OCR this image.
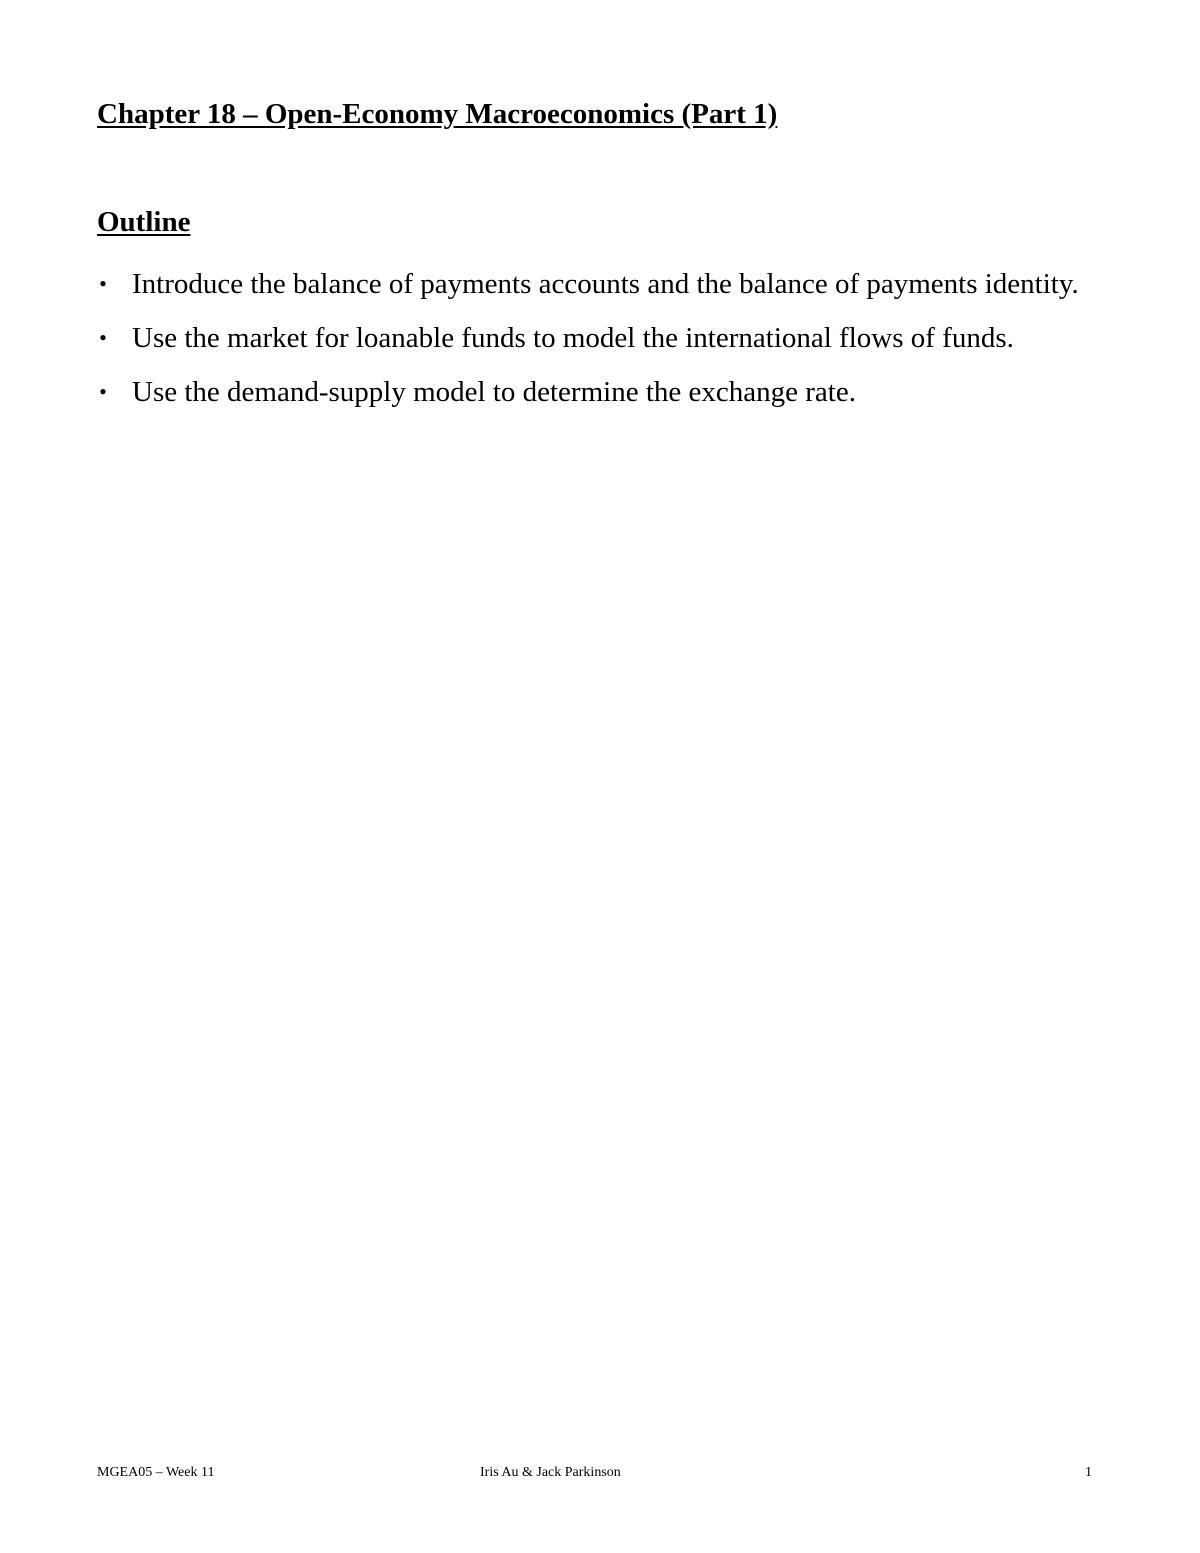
Chapter 18 – Open-Economy Macroeconomics (Part 1)
Outline
• Introduce the balance of payments accounts and the balance of payments identity.
• Use the market for loanable funds to model the international flows of funds.
• Use the demand-supply model to determine the exchange rate.
MGEA05 – Week 11	Iris Au & Jack Parkinson	1
